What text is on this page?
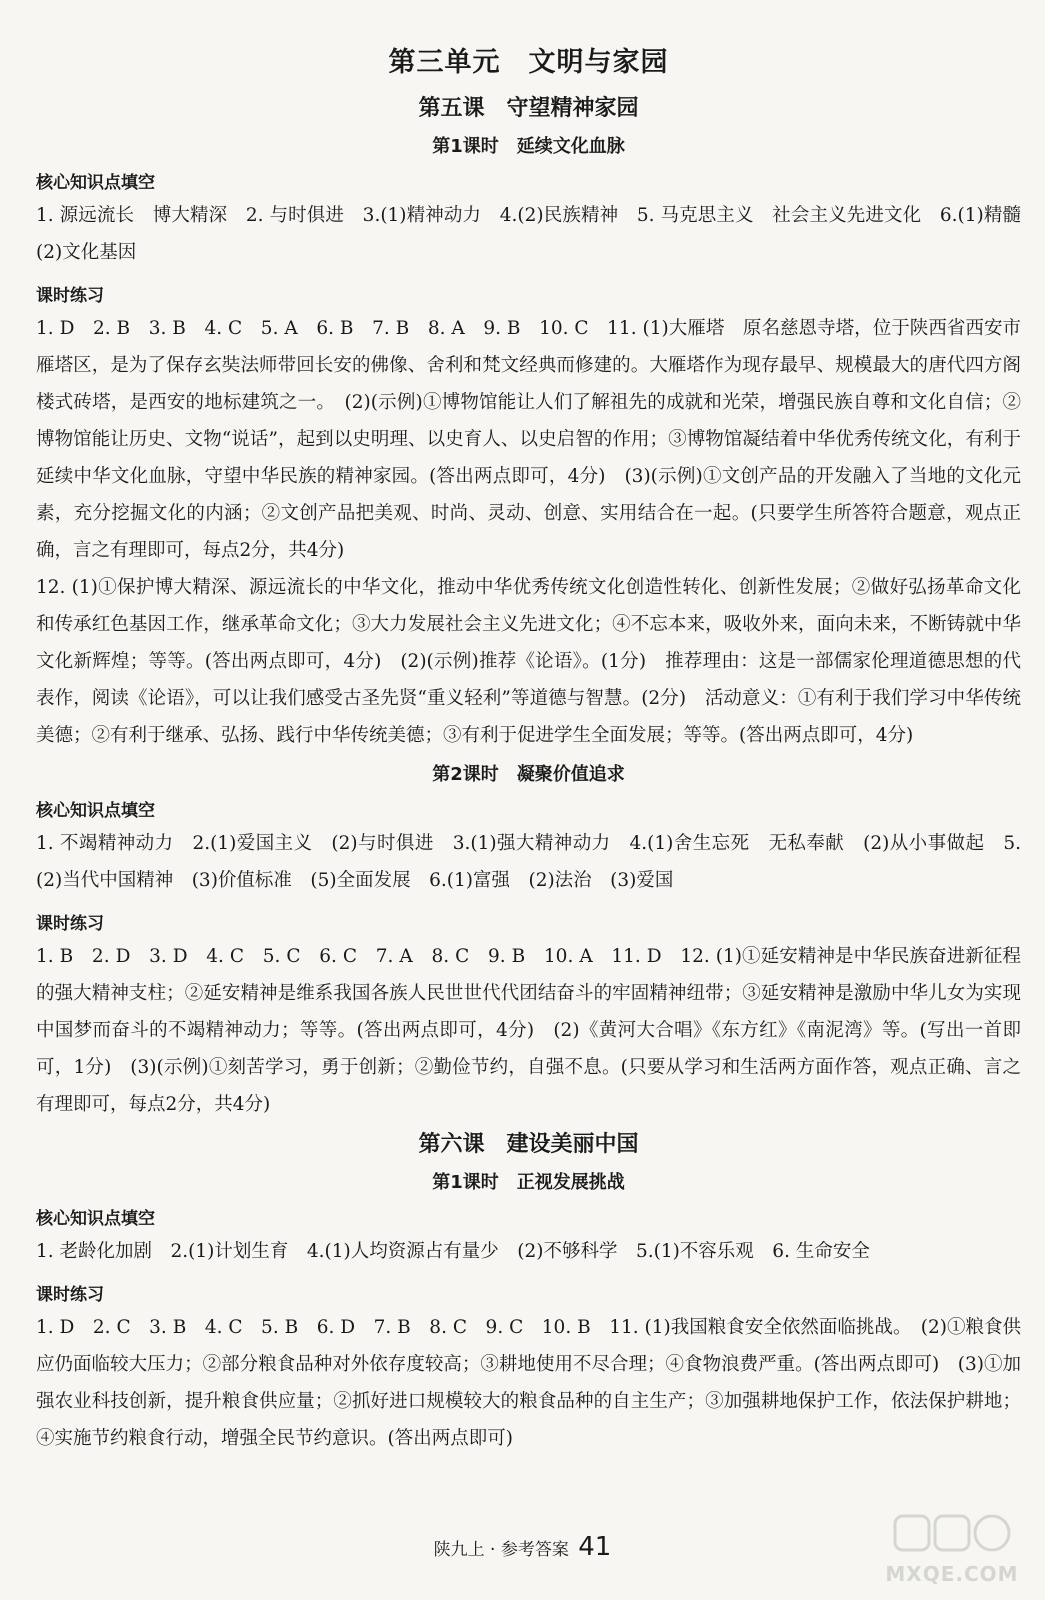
第三单元　文明与家园
第五课　守望精神家园
第1课时　延续文化血脉
核心知识点填空

1. 源远流长　博大精深　2. 与时俱进　3.(1)精神动力　4.(2)民族精神　5. 马克思主义　社会主义先进文化　6.(1)精髓　(2)文化基因

课时练习

1. D　2. B　3. B　4. C　5. A　6. B　7. B　8. A　9. B　10. C　11. (1)大雁塔　原名慈恩寺塔，位于陕西省西安市雁塔区，是为了保存玄奘法师带回长安的佛像、舍利和梵文经典而修建的。大雁塔作为现存最早、规模最大的唐代四方阁楼式砖塔，是西安的地标建筑之一。　(2)(示例)①博物馆能让人们了解祖先的成就和光荣，增强民族自尊和文化自信；②博物馆能让历史、文物“说话”，起到以史明理、以史育人、以史启智的作用；③博物馆凝结着中华优秀传统文化，有利于延续中华文化血脉，守望中华民族的精神家园。(答出两点即可，4分)　(3)(示例)①文创产品的开发融入了当地的文化元素，充分挖掘文化的内涵；②文创产品把美观、时尚、灵动、创意、实用结合在一起。(只要学生所答符合题意，观点正确，言之有理即可，每点2分，共4分)

12. (1)①保护博大精深、源远流长的中华文化，推动中华优秀传统文化创造性转化、创新性发展；②做好弘扬革命文化和传承红色基因工作，继承革命文化；③大力发展社会主义先进文化；④不忘本来，吸收外来，面向未来，不断铸就中华文化新辉煌；等等。(答出两点即可，4分)　(2)(示例)推荐《论语》。(1分)　推荐理由：这是一部儒家伦理道德思想的代表作，阅读《论语》，可以让我们感受古圣先贤“重义轻利”等道德与智慧。(2分)　活动意义：①有利于我们学习中华传统美德；②有利于继承、弘扬、践行中华传统美德；③有利于促进学生全面发展；等等。(答出两点即可，4分)

第2课时　凝聚价值追求
核心知识点填空

1. 不竭精神动力　2.(1)爱国主义　(2)与时俱进　3.(1)强大精神动力　4.(1)舍生忘死　无私奉献　(2)从小事做起　5.(2)当代中国精神　(3)价值标准　(5)全面发展　6.(1)富强　(2)法治　(3)爱国

课时练习

1. B　2. D　3. D　4. C　5. C　6. C　7. A　8. C　9. B　10. A　11. D　12. (1)①延安精神是中华民族奋进新征程的强大精神支柱；②延安精神是维系我国各族人民世世代代团结奋斗的牢固精神纽带；③延安精神是激励中华儿女为实现中国梦而奋斗的不竭精神动力；等等。(答出两点即可，4分)　(2)《黄河大合唱》《东方红》《南泥湾》等。(写出一首即可，1分)　(3)(示例)①刻苦学习，勇于创新；②勤俭节约，自强不息。(只要从学习和生活两方面作答，观点正确、言之有理即可，每点2分，共4分)

第六课　建设美丽中国
第1课时　正视发展挑战
核心知识点填空

1. 老龄化加剧　2.(1)计划生育　4.(1)人均资源占有量少　(2)不够科学　5.(1)不容乐观　6. 生命安全

课时练习

1. D　2. C　3. B　4. C　5. B　6. D　7. B　8. C　9. C　10. B　11. (1)我国粮食安全依然面临挑战。　(2)①粮食供应仍面临较大压力；②部分粮食品种对外依存度较高；③耕地使用不尽合理；④食物浪费严重。(答出两点即可)　(3)①加强农业科技创新，提升粮食供应量；②抓好进口规模较大的粮食品种的自主生产；③加强耕地保护工作，依法保护耕地；④实施节约粮食行动，增强全民节约意识。(答出两点即可)

陕九上 · 参考答案 41
MXQE.COM
